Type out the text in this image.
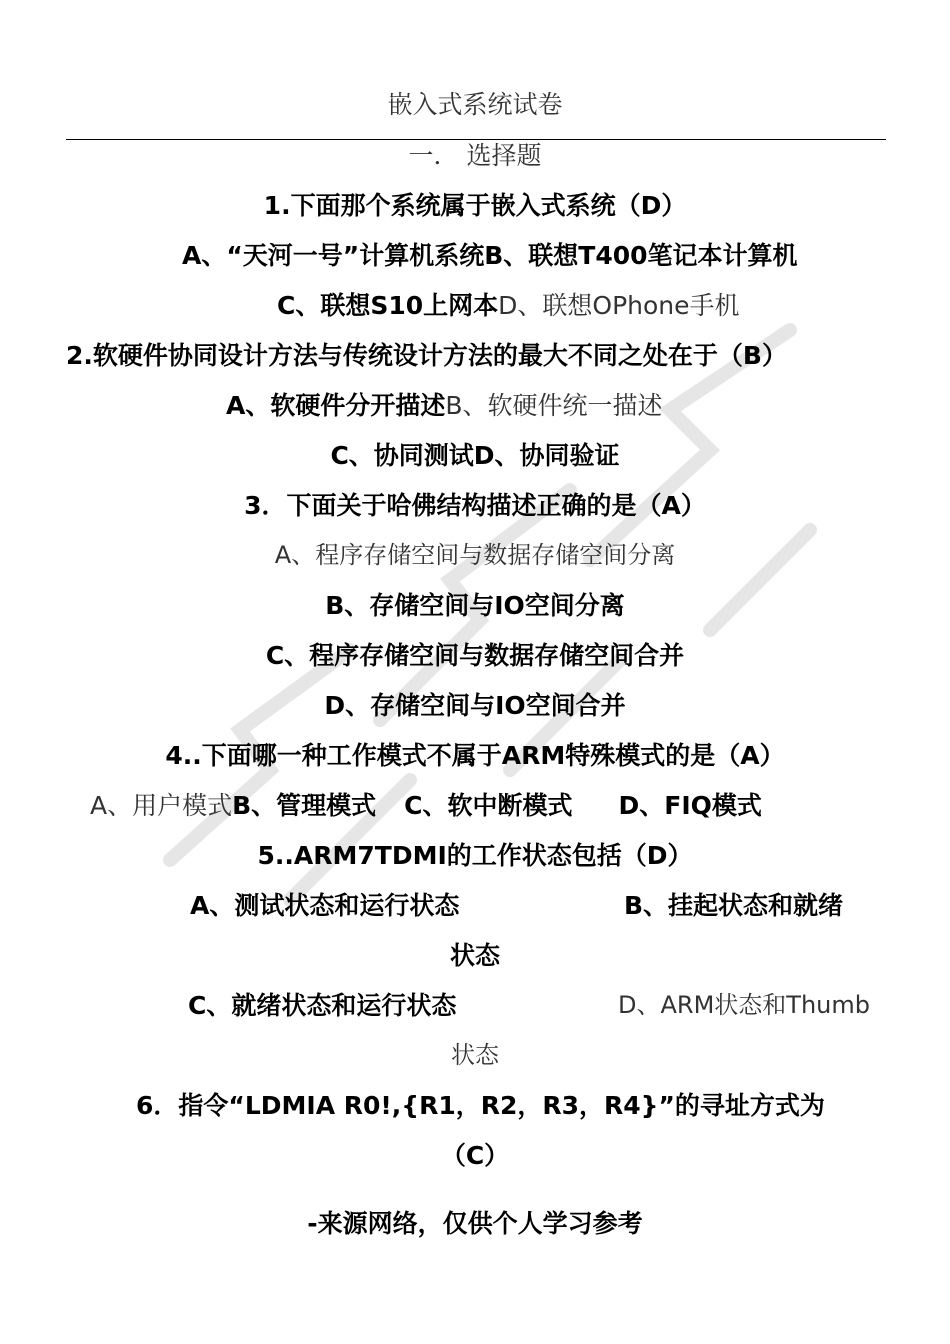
嵌入式系统试卷
一． 选择题
1.下面那个系统属于嵌入式系统（D）
A、“天河一号”计算机系统B、联想T400笔记本计算机
C、联想S10上网本D、联想OPhone手机
2.软硬件协同设计方法与传统设计方法的最大不同之处在于（B）
A、软硬件分开描述B、软硬件统一描述
C、协同测试D、协同验证
3．下面关于哈佛结构描述正确的是（A）
A、程序存储空间与数据存储空间分离
B、存储空间与IO空间分离
C、程序存储空间与数据存储空间合并
D、存储空间与IO空间合并
4..下面哪一种工作模式不属于ARM特殊模式的是（A）
A、用户模式B、管理模式 C、软中断模式 D、FIQ模式
5..ARM7TDMI的工作状态包括（D）
A、测试状态和运行状态	B、挂起状态和就绪
状态
C、就绪状态和运行状态	D、ARM状态和Thumb
状态
6．指令“LDMIA R0!,{R1，R2，R3，R4}”的寻址方式为
（C）
-来源网络，仅供个人学习参考
